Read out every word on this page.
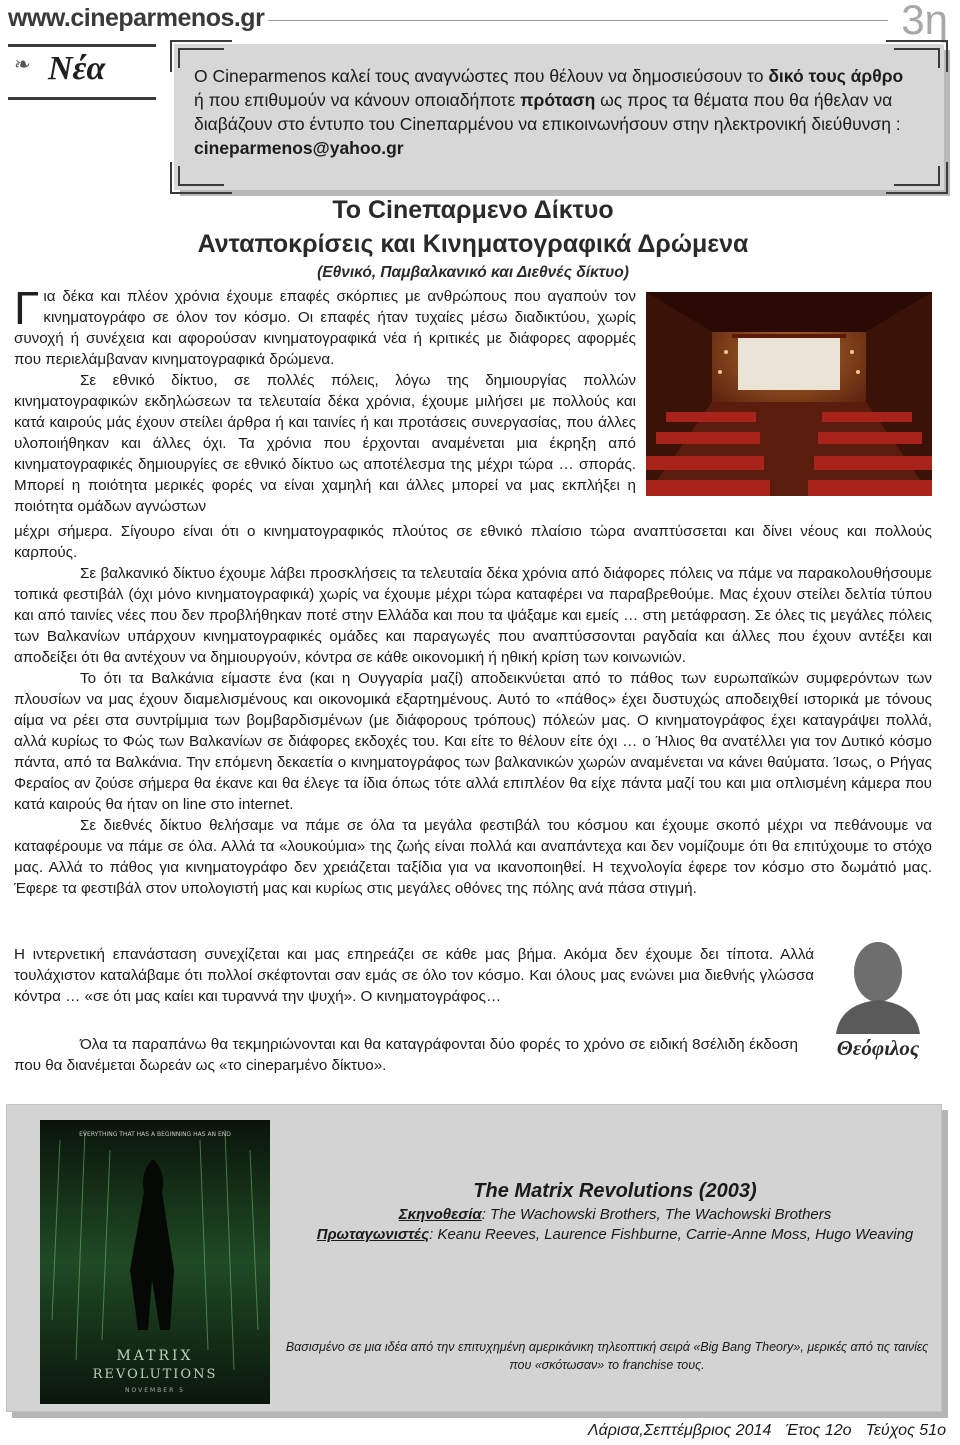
www.cineparmenos.gr	3η
❧ Νέα	Ο Cineparmenos καλεί τους αναγνώστες που θέλουν να δημοσιεύσουν το δικό τους άρθρο ή που επιθυμούν να κάνουν οποιαδήποτε πρόταση ως προς τα θέματα που θα ήθελαν να διαβάζουν στο έντυπο του Cineπαρμένου να επικοινωνήσουν στην ηλεκτρονική διεύθυνση : cineparmenos@yahoo.gr
Το Cineπαρμενο Δίκτυο
Ανταποκρίσεις και Κινηματογραφικά Δρώμενα
(Εθνικό, Παμβαλκανικό και Διεθνές δίκτυο)

Για δέκα και πλέον χρόνια έχουμε επαφές σκόρπιες με ανθρώπους που αγαπούν τον κινηματογράφο σε όλον τον κόσμο. Οι επαφές ήταν τυχαίες μέσω διαδικτύου, χωρίς συνοχή ή συνέχεια και αφορούσαν κινηματογραφικά νέα ή κριτικές με διάφορες αφορμές που περιελάμβαναν κινηματογραφικά δρώμενα.

Σε εθνικό δίκτυο, σε πολλές πόλεις, λόγω της δημιουργίας πολλών κινηματογραφικών εκδηλώσεων τα τελευταία δέκα χρόνια, έχουμε μιλήσει με πολλούς και κατά καιρούς μάς έχουν στείλει άρθρα ή και ταινίες ή και προτάσεις συνεργασίας, που άλλες υλοποιήθηκαν και άλλες όχι. Τα χρόνια που έρχονται αναμένεται μια έκρηξη από κινηματογραφικές δημιουργίες σε εθνικό δίκτυο ως αποτέλεσμα της μέχρι τώρα … σποράς. Μπορεί η ποιότητα μερικές φορές να είναι χαμηλή και άλλες μπορεί να μας εκπλήξει η ποιότητα ομάδων αγνώστων

μέχρι σήμερα. Σίγουρο είναι ότι ο κινηματογραφικός πλούτος σε εθνικό πλαίσιο τώρα αναπτύσσεται και δίνει νέους και πολλούς καρπούς.

Σε βαλκανικό δίκτυο έχουμε λάβει προσκλήσεις τα τελευταία δέκα χρόνια από διάφορες πόλεις να πάμε να παρακολουθήσουμε τοπικά φεστιβάλ (όχι μόνο κινηματογραφικά) χωρίς να έχουμε μέχρι τώρα καταφέρει να παραβρεθούμε. Μας έχουν στείλει δελτία τύπου και από ταινίες νέες που δεν προβλήθηκαν ποτέ στην Ελλάδα και που τα ψάξαμε και εμείς … στη μετάφραση. Σε όλες τις μεγάλες πόλεις των Βαλκανίων υπάρχουν κινηματογραφικές ομάδες και παραγωγές που αναπτύσσονται ραγδαία και άλλες που έχουν αντέξει και αποδείξει ότι θα αντέχουν να δημιουργούν, κόντρα σε κάθε οικονομική ή ηθική κρίση των κοινωνιών.

Το ότι τα Βαλκάνια είμαστε ένα (και η Ουγγαρία μαζί) αποδεικνύεται από το πάθος των ευρωπαϊκών συμφερόντων των πλουσίων να μας έχουν διαμελισμένους και οικονομικά εξαρτημένους. Αυτό το «πάθος» έχει δυστυχώς αποδειχθεί ιστορικά με τόνους αίμα να ρέει στα συντρίμμια των βομβαρδισμένων (με διάφορους τρόπους) πόλεών μας. Ο κινηματογράφος έχει καταγράψει πολλά, αλλά κυρίως το Φώς των Βαλκανίων σε διάφορες εκδοχές του. Και είτε το θέλουν είτε όχι … ο Ήλιος θα ανατέλλει για τον Δυτικό κόσμο πάντα, από τα Βαλκάνια. Την επόμενη δεκαετία ο κινηματογράφος των βαλκανικών χωρών αναμένεται να κάνει θαύματα. Ίσως, ο Ρήγας Φεραίος αν ζούσε σήμερα θα έκανε και θα έλεγε τα ίδια όπως τότε αλλά επιπλέον θα είχε πάντα μαζί του και μια οπλισμένη κάμερα που κατά καιρούς θα ήταν on line στο internet.

Σε διεθνές δίκτυο θελήσαμε να πάμε σε όλα τα μεγάλα φεστιβάλ του κόσμου και έχουμε σκοπό μέχρι να πεθάνουμε να καταφέρουμε να πάμε σε όλα. Αλλά τα «λουκούμια» της ζωής είναι πολλά και αναπάντεχα και δεν νομίζουμε ότι θα επιτύχουμε το στόχο μας. Αλλά το πάθος για κινηματογράφο δεν χρειάζεται ταξίδια για να ικανοποιηθεί. Η τεχνολογία έφερε τον κόσμο στο δωμάτιό μας. Έφερε τα φεστιβάλ στον υπολογιστή μας και κυρίως στις μεγάλες οθόνες της πόλης ανά πάσα στιγμή.

Η ιντερνετική επανάσταση συνεχίζεται και μας επηρεάζει σε κάθε μας βήμα. Ακόμα δεν έχουμε δει τίποτα. Αλλά τουλάχιστον καταλάβαμε ότι πολλοί σκέφτονται σαν εμάς σε όλο τον κόσμο. Και όλους μας ενώνει μια διεθνής γλώσσα κόντρα … «σε ότι μας καίει και τυραννά την ψυχή». Ο κινηματογράφος…

Όλα τα παραπάνω θα τεκμηριώνονται και θα καταγράφονται δύο φορές το χρόνο σε ειδική 8σέλιδη έκδοση που θα διανέμεται δωρεάν ως «το cineparμένο δίκτυο».

Θεόφιλος
EVERYTHING THAT HAS A BEGINNING HAS AN END
MATRIX
REVOLUTIONS
NOVEMBER 5
The Matrix Revolutions (2003)
Σκηνοθεσία: The Wachowski Brothers, The Wachowski Brothers
Πρωταγωνιστές: Keanu Reeves, Laurence Fishburne, Carrie-Anne Moss, Hugo Weaving
Βασισμένο σε μια ιδέα από την επιτυχημένη αμερικάνικη τηλεοπτική σειρά «Big Bang Theory», μερικές από τις ταινίες που «σκότωσαν» το franchise τους.
Λάρισα,Σεπτέμβριος 2014 Έτος 12ο Τεύχος 51ο
